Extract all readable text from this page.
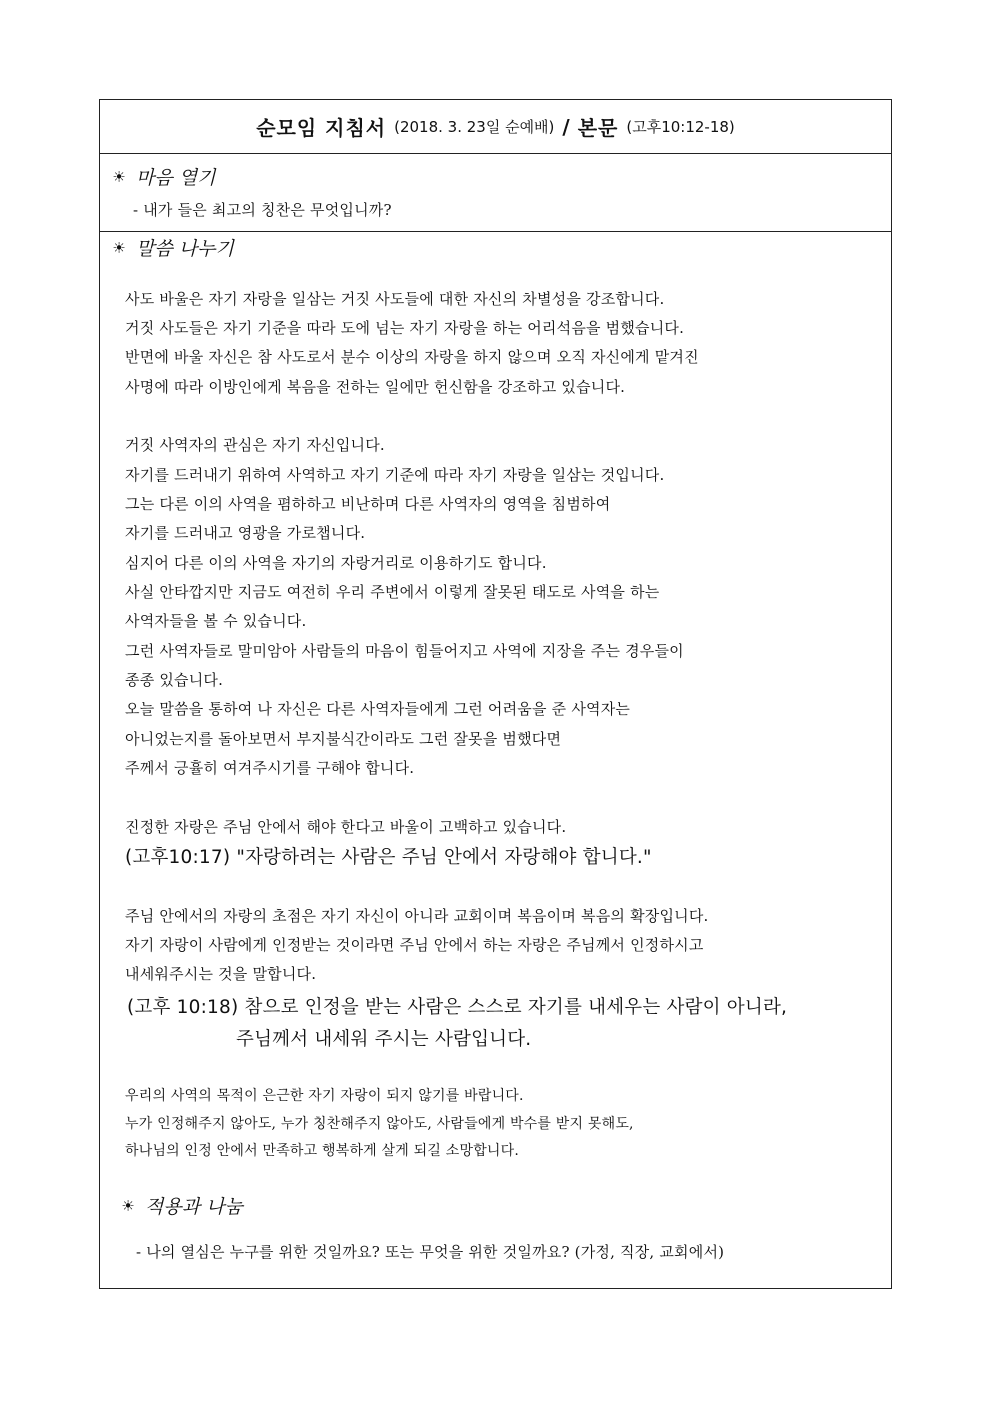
순모임 지침서 (2018. 3. 23일 순예배) / 본문 (고후10:12-18)
☀ 마음 열기
- 내가 들은 최고의 칭찬은 무엇입니까?
☀ 말씀 나누기
사도 바울은 자기 자랑을 일삼는 거짓 사도들에 대한 자신의 차별성을 강조합니다.
거짓 사도들은 자기 기준을 따라 도에 넘는 자기 자랑을 하는 어리석음을 범했습니다.
반면에 바울 자신은 참 사도로서 분수 이상의 자랑을 하지 않으며 오직 자신에게 맡겨진
사명에 따라 이방인에게 복음을 전하는 일에만 헌신함을 강조하고 있습니다.
거짓 사역자의 관심은 자기 자신입니다.
자기를 드러내기 위하여 사역하고 자기 기준에 따라 자기 자랑을 일삼는 것입니다.
그는 다른 이의 사역을 폄하하고 비난하며 다른 사역자의 영역을 침범하여
자기를 드러내고 영광을 가로챕니다.
심지어 다른 이의 사역을 자기의 자랑거리로 이용하기도 합니다.
사실 안타깝지만 지금도 여전히 우리 주변에서 이렇게 잘못된 태도로 사역을 하는
사역자들을 볼 수 있습니다.
그런 사역자들로 말미암아 사람들의 마음이 힘들어지고 사역에 지장을 주는 경우들이
종종 있습니다.
오늘 말씀을 통하여 나 자신은 다른 사역자들에게 그런 어려움을 준 사역자는
아니었는지를 돌아보면서 부지불식간이라도 그런 잘못을 범했다면
주께서 긍휼히 여겨주시기를 구해야 합니다.
진정한 자랑은 주님 안에서 해야 한다고 바울이 고백하고 있습니다.
(고후10:17) "자랑하려는 사람은 주님 안에서 자랑해야 합니다."
주님 안에서의 자랑의 초점은 자기 자신이 아니라 교회이며 복음이며 복음의 확장입니다.
자기 자랑이 사람에게 인정받는 것이라면 주님 안에서 하는 자랑은 주님께서 인정하시고
내세워주시는 것을 말합니다.
(고후 10:18) 참으로 인정을 받는 사람은 스스로 자기를 내세우는 사람이 아니라,
주님께서 내세워 주시는 사람입니다.
우리의 사역의 목적이 은근한 자기 자랑이 되지 않기를 바랍니다.
누가 인정해주지 않아도, 누가 칭찬해주지 않아도, 사람들에게 박수를 받지 못해도,
하나님의 인정 안에서 만족하고 행복하게 살게 되길 소망합니다.
☀ 적용과 나눔
- 나의 열심은 누구를 위한 것일까요? 또는 무엇을 위한 것일까요? (가정, 직장, 교회에서)
